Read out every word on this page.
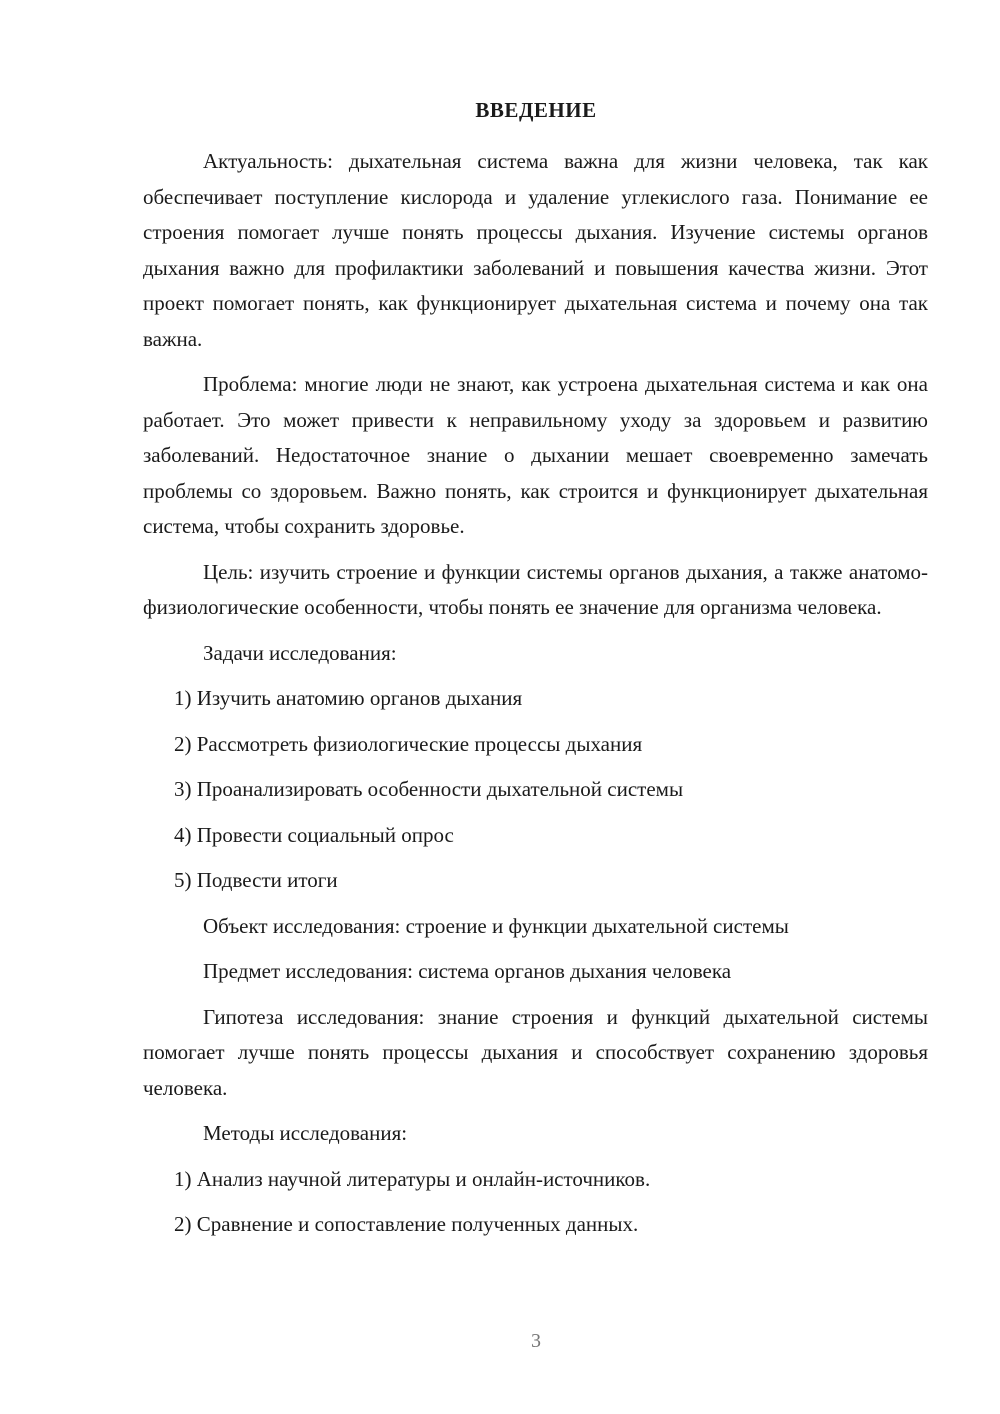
ВВЕДЕНИЕ

Актуальность: дыхательная система важна для жизни человека, так как обеспечивает поступление кислорода и удаление углекислого газа. Понимание ее строения помогает лучше понять процессы дыхания. Изучение системы органов дыхания важно для профилактики заболеваний и повышения качества жизни. Этот проект помогает понять, как функционирует дыхательная система и почему она так важна.

Проблема: многие люди не знают, как устроена дыхательная система и как она работает. Это может привести к неправильному уходу за здоровьем и развитию заболеваний. Недостаточное знание о дыхании мешает своевременно замечать проблемы со здоровьем. Важно понять, как строится и функционирует дыхательная система, чтобы сохранить здоровье.

Цель: изучить строение и функции системы органов дыхания, а также анатомо-физиологические особенности, чтобы понять ее значение для организма человека.

Задачи исследования:

1) Изучить анатомию органов дыхания

2) Рассмотреть физиологические процессы дыхания

3) Проанализировать особенности дыхательной системы

4) Провести социальный опрос

5) Подвести итоги

Объект исследования: строение и функции дыхательной системы

Предмет исследования: система органов дыхания человека

Гипотеза исследования: знание строения и функций дыхательной системы помогает лучше понять процессы дыхания и способствует сохранению здоровья человека.

Методы исследования:

1) Анализ научной литературы и онлайн-источников.

2) Сравнение и сопоставление полученных данных.

3
